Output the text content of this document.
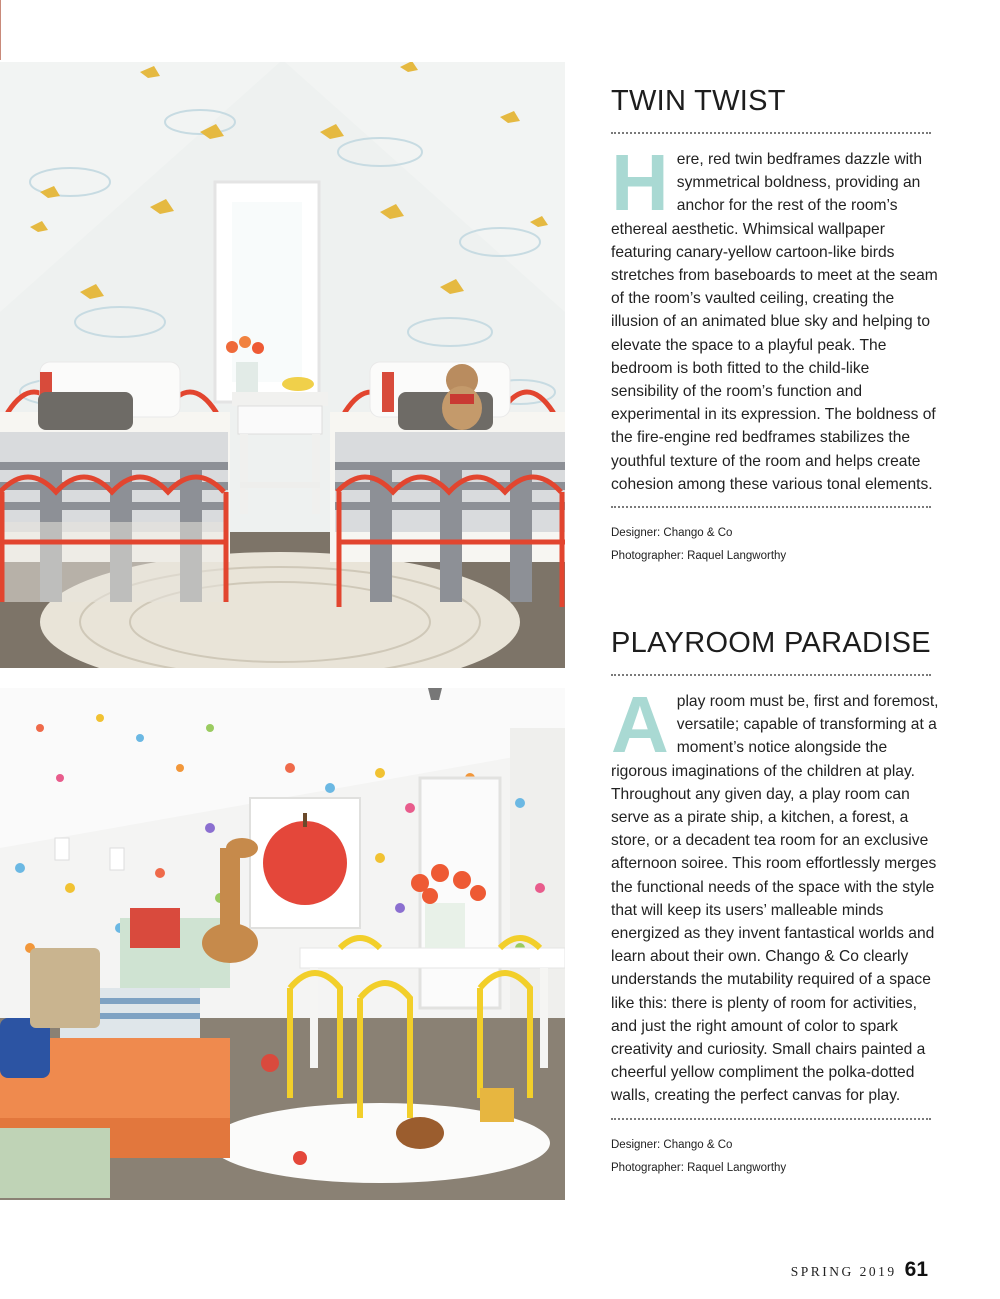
TWIN TWIST

Here, red twin bedframes dazzle with symmetrical boldness, providing an anchor for the rest of the room’s ethereal aesthetic. Whimsical wallpaper featuring canary-yellow cartoon-like birds stretches from baseboards to meet at the seam of the room’s vaulted ceiling, creating the illusion of an animated blue sky and helping to elevate the space to a playful peak. The bedroom is both fitted to the child-like sensibility of the room’s function and experimental in its expression. The boldness of the fire-engine red bedframes stabilizes the youthful texture of the room and helps create cohesion among these various tonal elements.

Designer: Chango & Co
Photographer: Raquel Langworthy
PLAYROOM PARADISE

Aplay room must be, first and foremost, versatile; capable of transforming at a moment’s notice alongside the rigorous imaginations of the children at play. Throughout any given day, a play room can serve as a pirate ship, a kitchen, a forest, a store, or a decadent tea room for an exclusive afternoon soiree. This room effortlessly merges the functional needs of the space with the style that will keep its users’ malleable minds energized as they invent fantastical worlds and learn about their own. Chango & Co clearly understands the mutability required of a space like this: there is plenty of room for activities, and just the right amount of color to spark creativity and curiosity. Small chairs painted a cheerful yellow compliment the polka-dotted walls, creating the perfect canvas for play.

Designer: Chango & Co
Photographer: Raquel Langworthy
SPRING 2019 61
